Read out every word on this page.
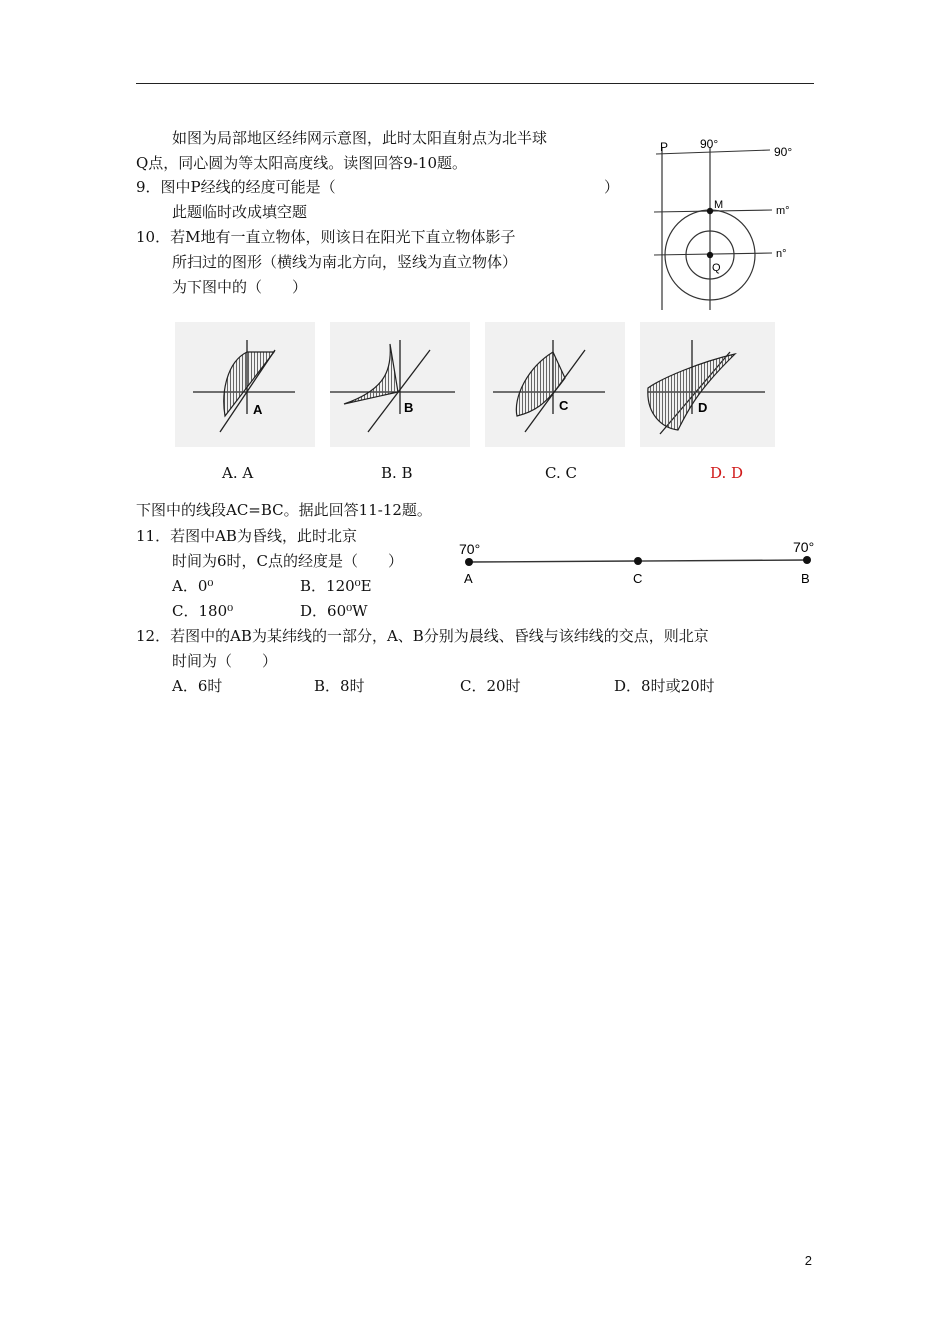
如图为局部地区经纬网示意图，此时太阳直射点为北半球
Q点，同心圆为等太阳高度线。读图回答9-10题。
9．图中P经线的经度可能是（	）
此题临时改成填空题
10．若M地有一直立物体，则该日在阳光下直立物体影子
所扫过的图形（横线为南北方向，竖线为直立物体）
为下图中的（　　）
P	90°
90°
M	m°
Q
n°
A	B	C	D
A. A	B. B	C. C	D. D
下图中的线段AC=BC。据此回答11-12题。
11．若图中AB为昏线，此时北京
时间为6时，C点的经度是（　　）
A．0⁰	B．120⁰E
C．180⁰	D．60⁰W
70°	70°
A	C	B
12．若图中的AB为某纬线的一部分，A、B分别为晨线、昏线与该纬线的交点，则北京
时间为（　　）
A．6时	B．8时	C．20时	D．8时或20时
2
